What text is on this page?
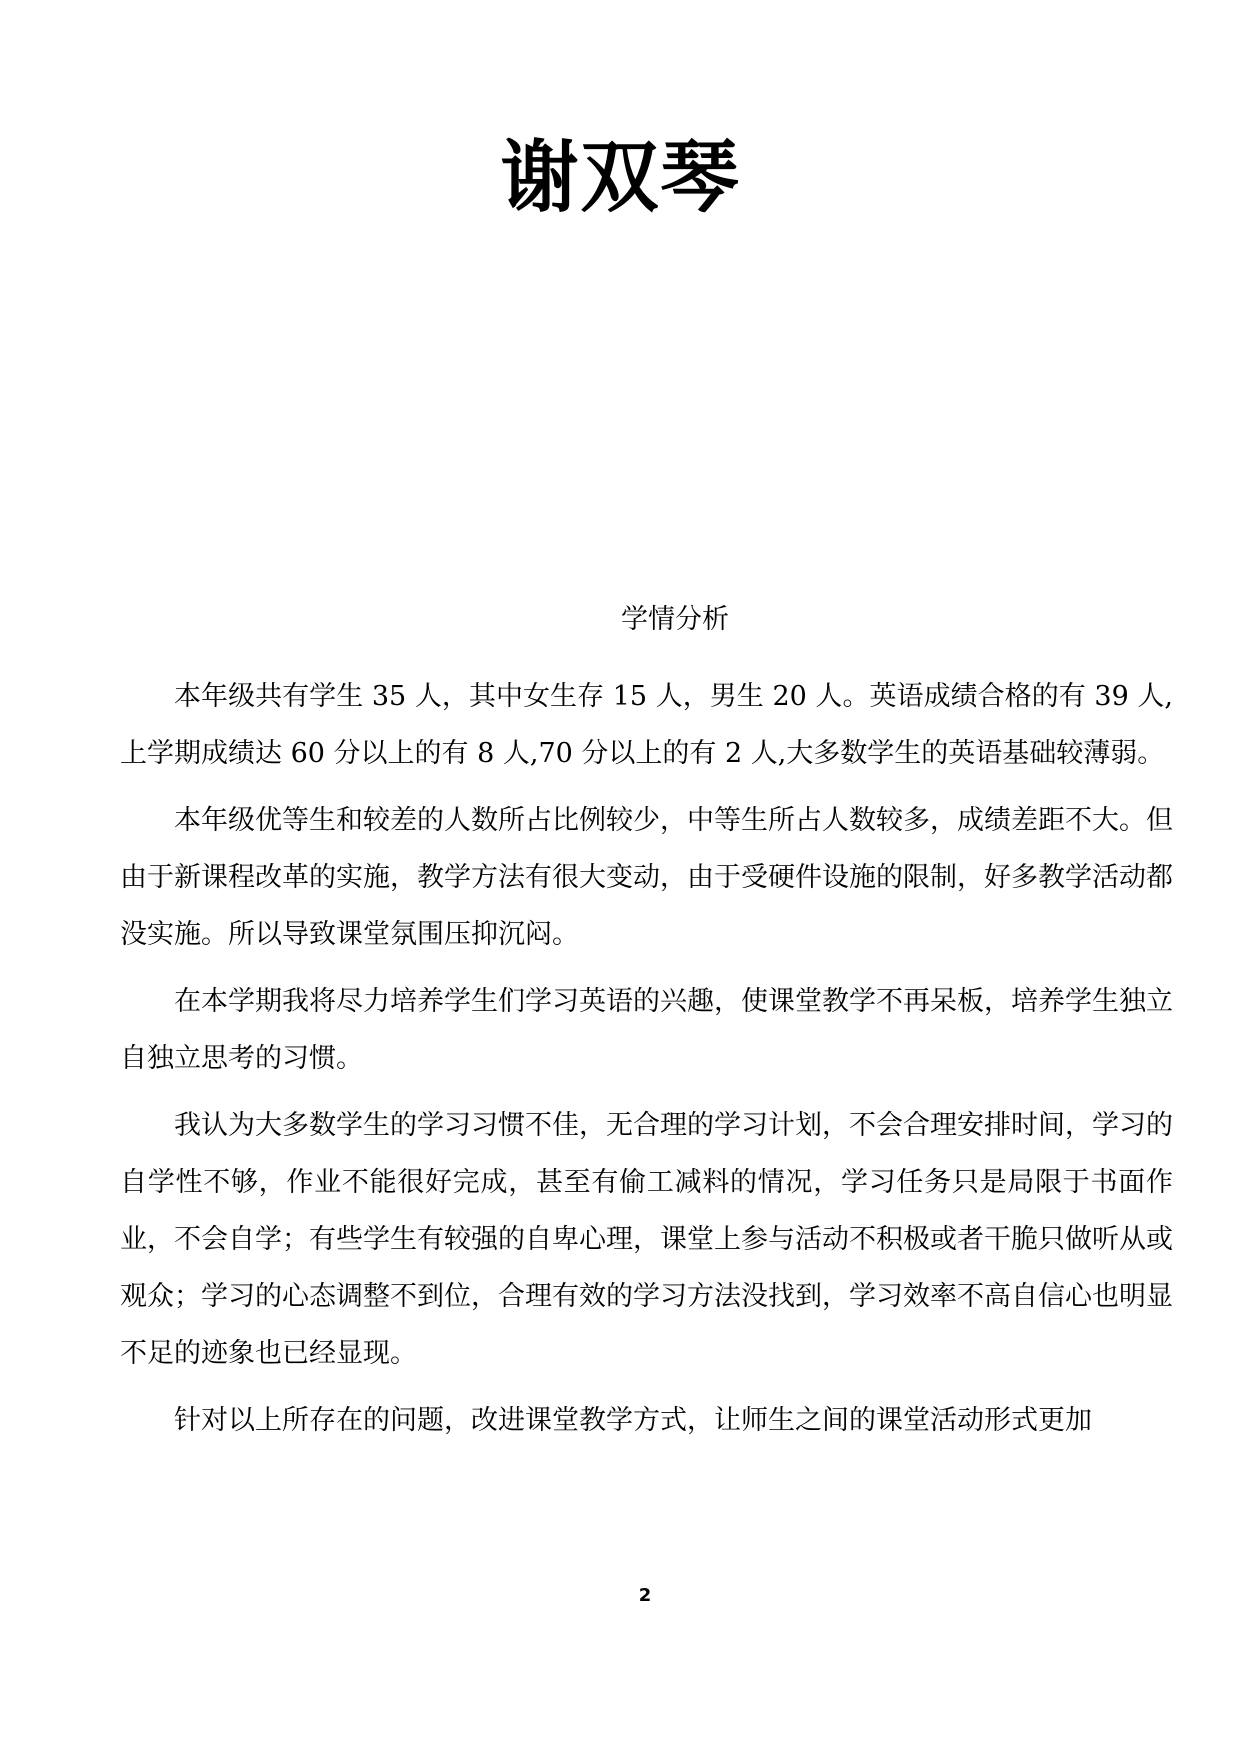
谢双琴
学情分析

本年级共有学生 35 人，其中女生存 15 人，男生 20 人。英语成绩合格的有 39 人,上学期成绩达 60 分以上的有 8 人,70 分以上的有 2 人,大多数学生的英语基础较薄弱。

本年级优等生和较差的人数所占比例较少，中等生所占人数较多，成绩差距不大。但由于新课程改革的实施，教学方法有很大变动，由于受硬件设施的限制，好多教学活动都没实施。所以导致课堂氛围压抑沉闷。

在本学期我将尽力培养学生们学习英语的兴趣，使课堂教学不再呆板，培养学生独立自独立思考的习惯。

我认为大多数学生的学习习惯不佳，无合理的学习计划，不会合理安排时间，学习的自学性不够，作业不能很好完成，甚至有偷工减料的情况，学习任务只是局限于书面作业，不会自学；有些学生有较强的自卑心理，课堂上参与活动不积极或者干脆只做听从或观众；学习的心态调整不到位，合理有效的学习方法没找到，学习效率不高自信心也明显不足的迹象也已经显现。

针对以上所存在的问题，改进课堂教学方式，让师生之间的课堂活动形式更加

2
